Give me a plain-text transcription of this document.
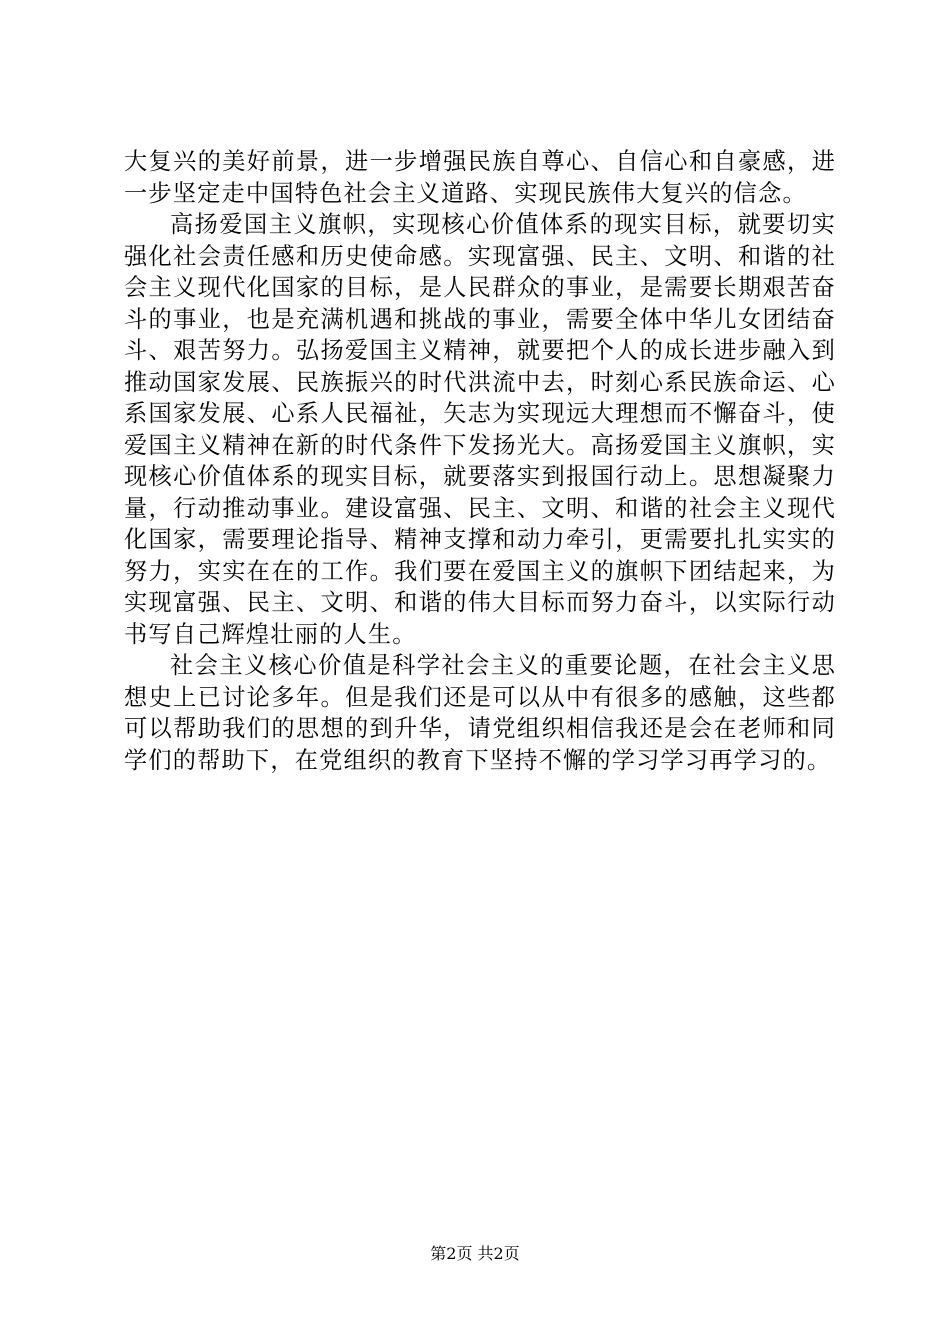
大复兴的美好前景，进一步增强民族自尊心、自信心和自豪感，进一步坚定走中国特色社会主义道路、实现民族伟大复兴的信念。

高扬爱国主义旗帜，实现核心价值体系的现实目标，就要切实强化社会责任感和历史使命感。实现富强、民主、文明、和谐的社会主义现代化国家的目标，是人民群众的事业，是需要长期艰苦奋斗的事业，也是充满机遇和挑战的事业，需要全体中华儿女团结奋斗、艰苦努力。弘扬爱国主义精神，就要把个人的成长进步融入到推动国家发展、民族振兴的时代洪流中去，时刻心系民族命运、心系国家发展、心系人民福祉，矢志为实现远大理想而不懈奋斗，使爱国主义精神在新的时代条件下发扬光大。高扬爱国主义旗帜，实现核心价值体系的现实目标，就要落实到报国行动上。思想凝聚力量，行动推动事业。建设富强、民主、文明、和谐的社会主义现代化国家，需要理论指导、精神支撑和动力牵引，更需要扎扎实实的努力，实实在在的工作。我们要在爱国主义的旗帜下团结起来，为实现富强、民主、文明、和谐的伟大目标而努力奋斗，以实际行动书写自己辉煌壮丽的人生。

社会主义核心价值是科学社会主义的重要论题，在社会主义思想史上已讨论多年。但是我们还是可以从中有很多的感触，这些都可以帮助我们的思想的到升华，请党组织相信我还是会在老师和同学们的帮助下，在党组织的教育下坚持不懈的学习学习再学习的。

第2页 共2页
